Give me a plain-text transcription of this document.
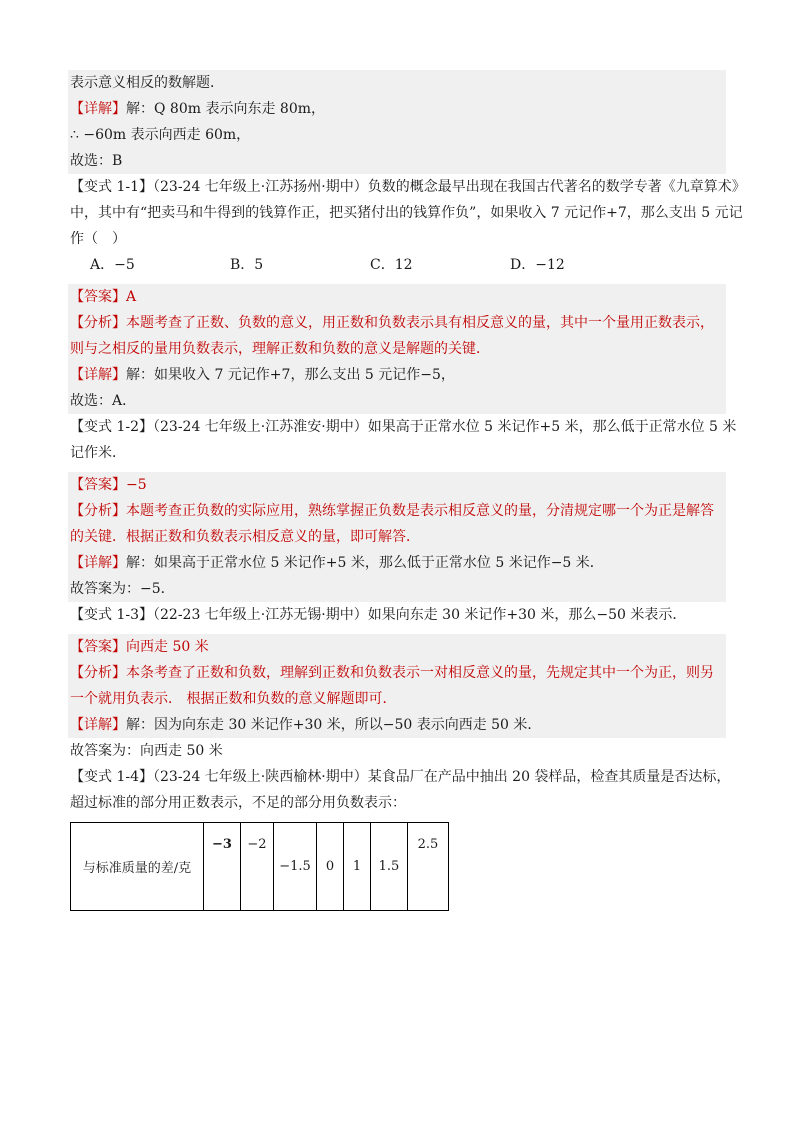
表示意义相反的数解题．
【详解】解：Q 80m 表示向东走 80m，
∴ −60m 表示向西走 60m，
故选：B
【变式 1-1】（23-24 七年级上·江苏扬州·期中）负数的概念最早出现在我国古代著名的数学专著《九章算术》
中，其中有“把卖马和牛得到的钱算作正，把买猪付出的钱算作负”，如果收入 7 元记作+7，那么支出 5 元记
作（　）
A．−5	B．5	C．12	D．−12
【答案】A
【分析】本题考查了正数、负数的意义，用正数和负数表示具有相反意义的量，其中一个量用正数表示，
则与之相反的量用负数表示，理解正数和负数的意义是解题的关键．
【详解】解：如果收入 7 元记作+7，那么支出 5 元记作−5，
故选：A．
【变式 1-2】（23-24 七年级上·江苏淮安·期中）如果高于正常水位 5 米记作+5 米，那么低于正常水位 5 米
记作米．
【答案】−5
【分析】本题考查正负数的实际应用，熟练掌握正负数是表示相反意义的量，分清规定哪一个为正是解答
的关键．根据正数和负数表示相反意义的量，即可解答．
【详解】解：如果高于正常水位 5 米记作+5 米，那么低于正常水位 5 米记作−5 米．
故答案为：−5．
【变式 1-3】（22-23 七年级上·江苏无锡·期中）如果向东走 30 米记作+30 米，那么−50 米表示．
【答案】向西走 50 米
【分析】本条考查了正数和负数，理解到正数和负数表示一对相反意义的量，先规定其中一个为正，则另
一个就用负表示． 根据正数和负数的意义解题即可．
【详解】解：因为向东走 30 米记作+30 米，所以−50 表示向西走 50 米．
故答案为：向西走 50 米
【变式 1-4】（23-24 七年级上·陕西榆林·期中）某食品厂在产品中抽出 20 袋样品，检查其质量是否达标，
超过标准的部分用正数表示，不足的部分用负数表示：
与标准质量的差/克	−3	−2	−1.5	0	1	1.5	2.5
